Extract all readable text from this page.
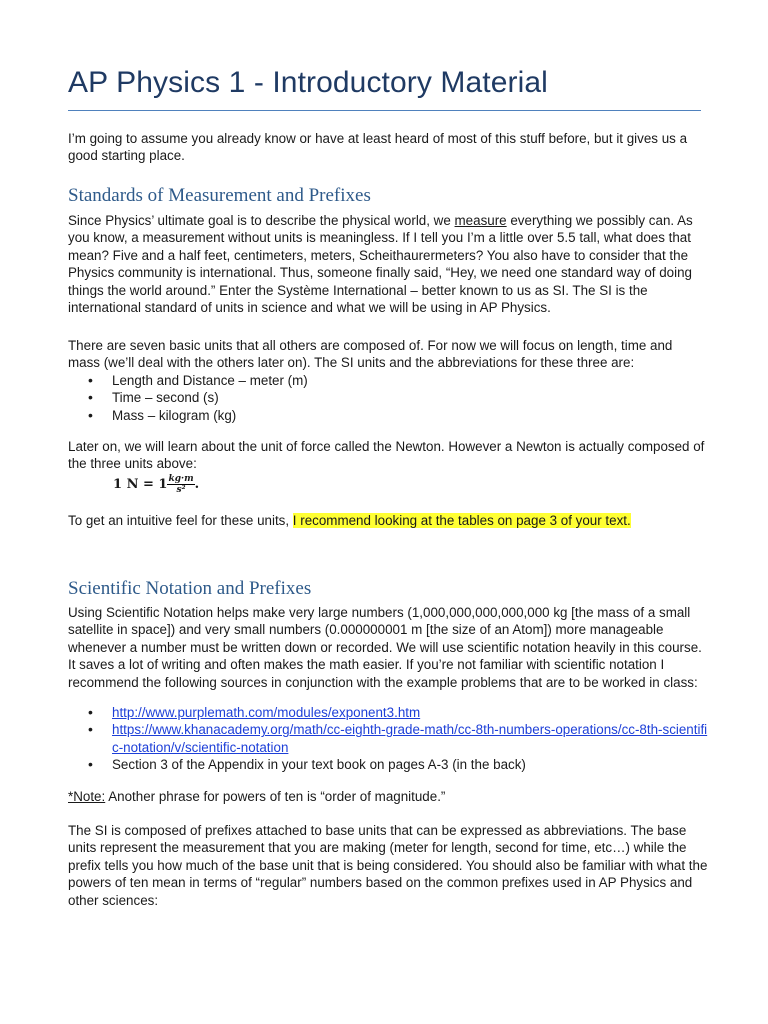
AP Physics 1 - Introductory Material

I’m going to assume you already know or have at least heard of most of this stuff before, but it gives us a good starting place.

Standards of Measurement and Prefixes

Since Physics’ ultimate goal is to describe the physical world, we measure everything we possibly can. As you know, a measurement without units is meaningless. If I tell you I’m a little over 5.5 tall, what does that mean? Five and a half feet, centimeters, meters, Scheithaurermeters? You also have to consider that the Physics community is international. Thus, someone finally said, “Hey, we need one standard way of doing things the world around.” Enter the Système International – better known to us as SI. The SI is the international standard of units in science and what we will be using in AP Physics.

There are seven basic units that all others are composed of. For now we will focus on length, time and mass (we’ll deal with the others later on). The SI units and the abbreviations for these three are:

• Length and Distance – meter (m)
• Time – second (s)
• Mass – kilogram (kg)

Later on, we will learn about the unit of force called the Newton. However a Newton is actually composed of the three units above:

1 $N = 1 \frac{kg\cdot m}{\text{s²}}$ .

To get an intuitive feel for these units, I recommend looking at the tables on page 3 of your text.

Scientific Notation and Prefixes

Using Scientific Notation helps make very large numbers (1,000,000,000,000,000 kg [the mass of a small satellite in space]) and very small numbers (0.000000001 m [the size of an Atom]) more manageable whenever a number must be written down or recorded. We will use scientific notation heavily in this course. It saves a lot of writing and often makes the math easier. If you’re not familiar with scientific notation I recommend the following sources in conjunction with the example problems that are to be worked in class:

• http://www.purplemath.com/modules/exponent3.htm
• https://www.khanacademy.org/math/cc-eighth-grade-math/cc-8th-numbers-operations/cc-8th-scientific-notation/v/scientific-notation
• Section 3 of the Appendix in your text book on pages A-3 (in the back)

*Note: Another phrase for powers of ten is “order of magnitude.”

The SI is composed of prefixes attached to base units that can be expressed as abbreviations. The base units represent the measurement that you are making (meter for length, second for time, etc…) while the prefix tells you how much of the base unit that is being considered. You should also be familiar with what the powers of ten mean in terms of “regular” numbers based on the common prefixes used in AP Physics and other sciences:
